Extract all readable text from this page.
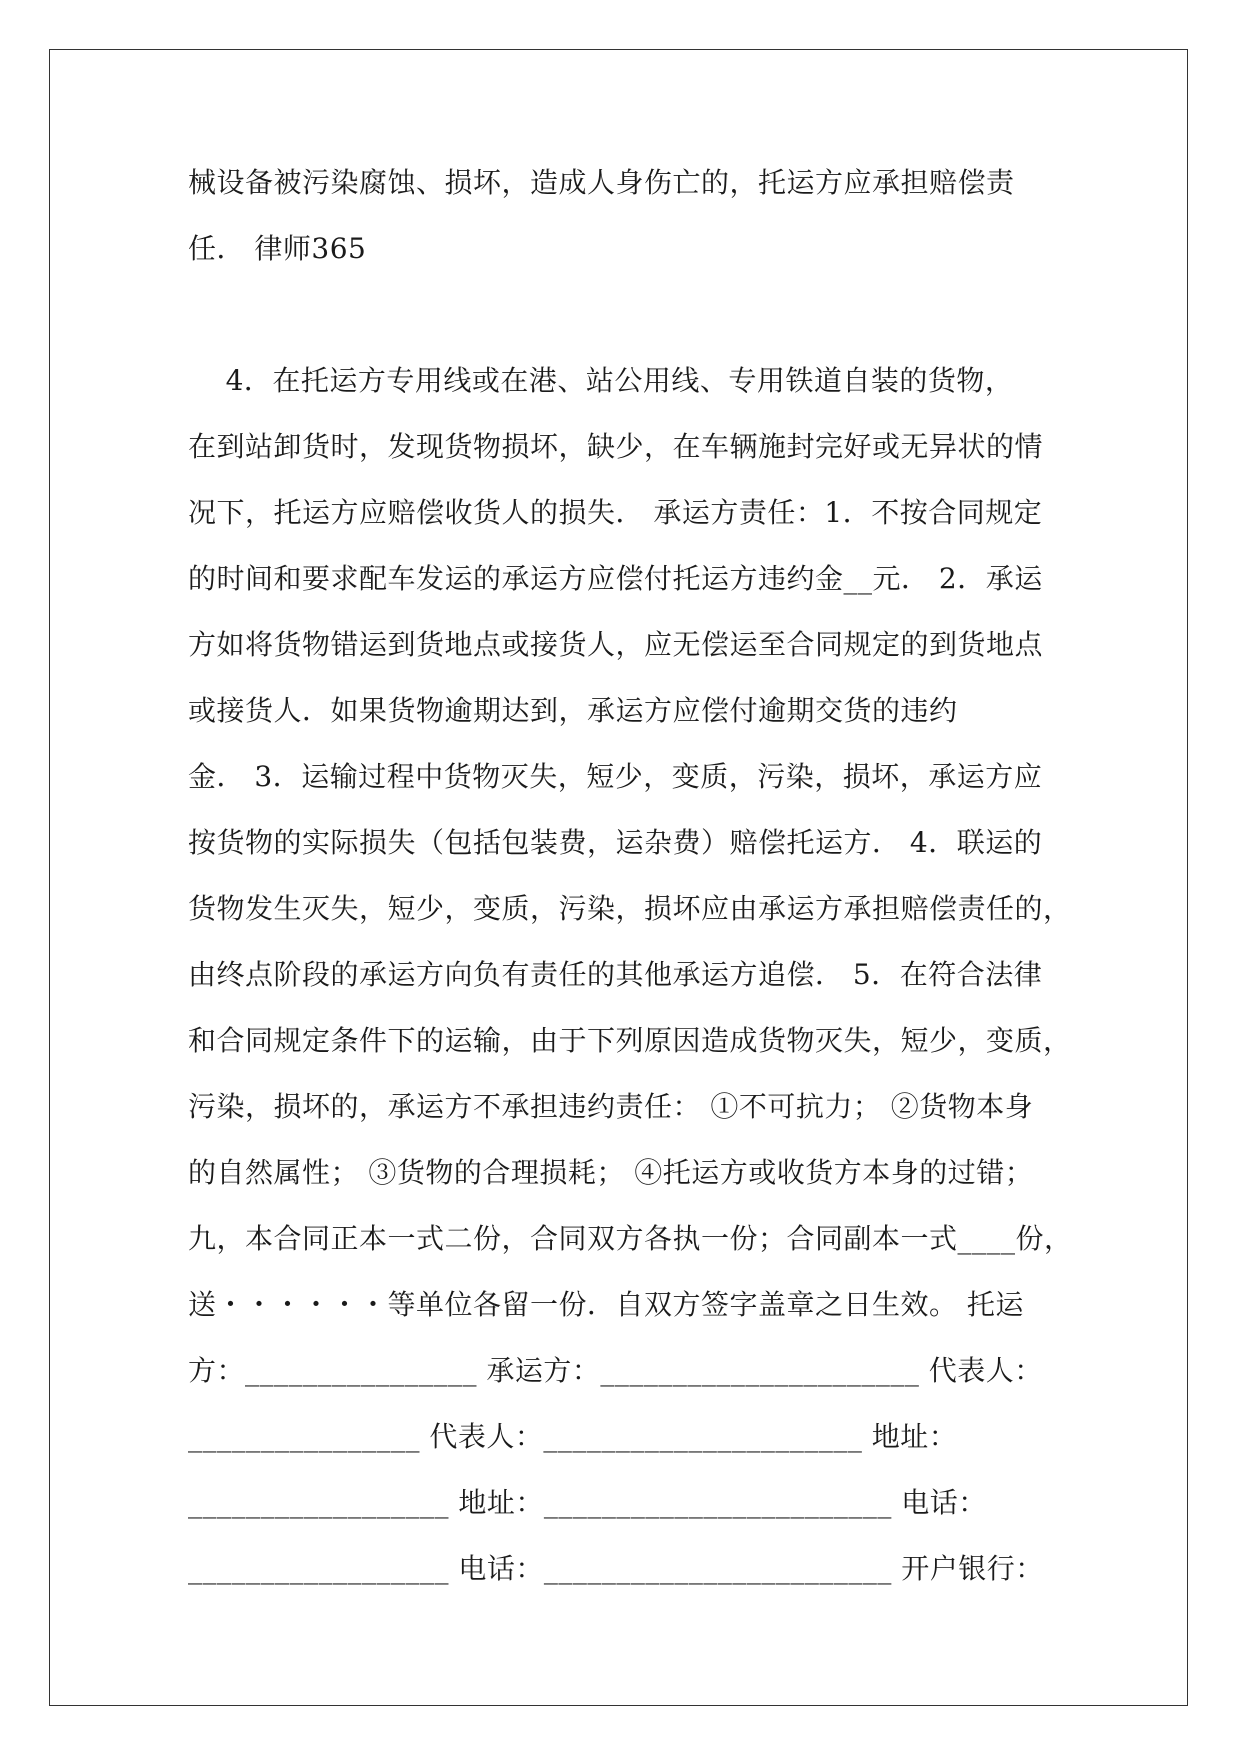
械设备被污染腐蚀、损坏，造成人身伤亡的，托运方应承担赔偿责
任． 律师365
4．在托运方专用线或在港、站公用线、专用铁道自装的货物，
在到站卸货时，发现货物损坏，缺少，在车辆施封完好或无异状的情
况下，托运方应赔偿收货人的损失． 承运方责任：1．不按合同规定
的时间和要求配车发运的承运方应偿付托运方违约金__元． 2．承运
方如将货物错运到货地点或接货人，应无偿运至合同规定的到货地点
或接货人．如果货物逾期达到，承运方应偿付逾期交货的违约
金． 3．运输过程中货物灭失，短少，变质，污染，损坏，承运方应
按货物的实际损失（包括包装费，运杂费）赔偿托运方． 4．联运的
货物发生灭失，短少，变质，污染，损坏应由承运方承担赔偿责任的，
由终点阶段的承运方向负有责任的其他承运方追偿． 5．在符合法律
和合同规定条件下的运输，由于下列原因造成货物灭失，短少，变质，
污染，损坏的，承运方不承担违约责任： ①不可抗力； ②货物本身
的自然属性； ③货物的合理损耗； ④托运方或收货方本身的过错；
九，本合同正本一式二份，合同双方各执一份；合同副本一式____份，
送・・・・・・等单位各留一份．自双方签字盖章之日生效。 托运
方：________________ 承运方：______________________ 代表人：
________________ 代表人：______________________ 地址：
__________________ 地址：________________________ 电话：
__________________ 电话：________________________ 开户银行：
